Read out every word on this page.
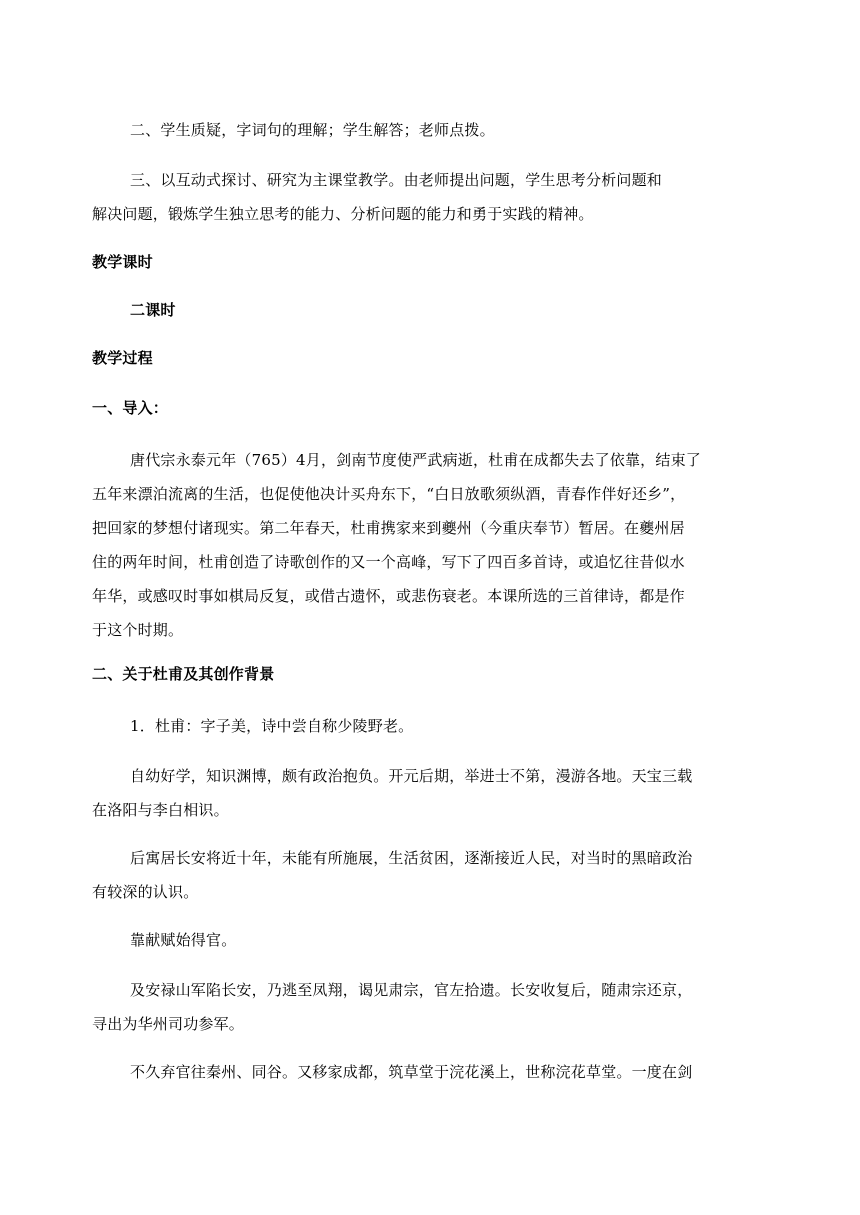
二、学生质疑，字词句的理解；学生解答；老师点拨。
三、以互动式探讨、研究为主课堂教学。由老师提出问题，学生思考分析问题和
解决问题，锻炼学生独立思考的能力、分析问题的能力和勇于实践的精神。
教学课时
二课时
教学过程
一、导入：
唐代宗永泰元年（765）4月，剑南节度使严武病逝，杜甫在成都失去了依靠，结束了
五年来漂泊流离的生活，也促使他决计买舟东下，“白日放歌须纵酒，青春作伴好还乡”，
把回家的梦想付诸现实。第二年春天，杜甫携家来到夔州（今重庆奉节）暂居。在夔州居
住的两年时间，杜甫创造了诗歌创作的又一个高峰，写下了四百多首诗，或追忆往昔似水
年华，或感叹时事如棋局反复，或借古遗怀，或悲伤衰老。本课所选的三首律诗，都是作
于这个时期。
二、关于杜甫及其创作背景
1．杜甫：字子美，诗中尝自称少陵野老。
自幼好学，知识渊博，颇有政治抱负。开元后期，举进士不第，漫游各地。天宝三载
在洛阳与李白相识。
后寓居长安将近十年，未能有所施展，生活贫困，逐渐接近人民，对当时的黑暗政治
有较深的认识。
靠献赋始得官。
及安禄山军陷长安，乃逃至凤翔，谒见肃宗，官左拾遗。长安收复后，随肃宗还京，
寻出为华州司功参军。
不久弃官往秦州、同谷。又移家成都，筑草堂于浣花溪上，世称浣花草堂。一度在剑
